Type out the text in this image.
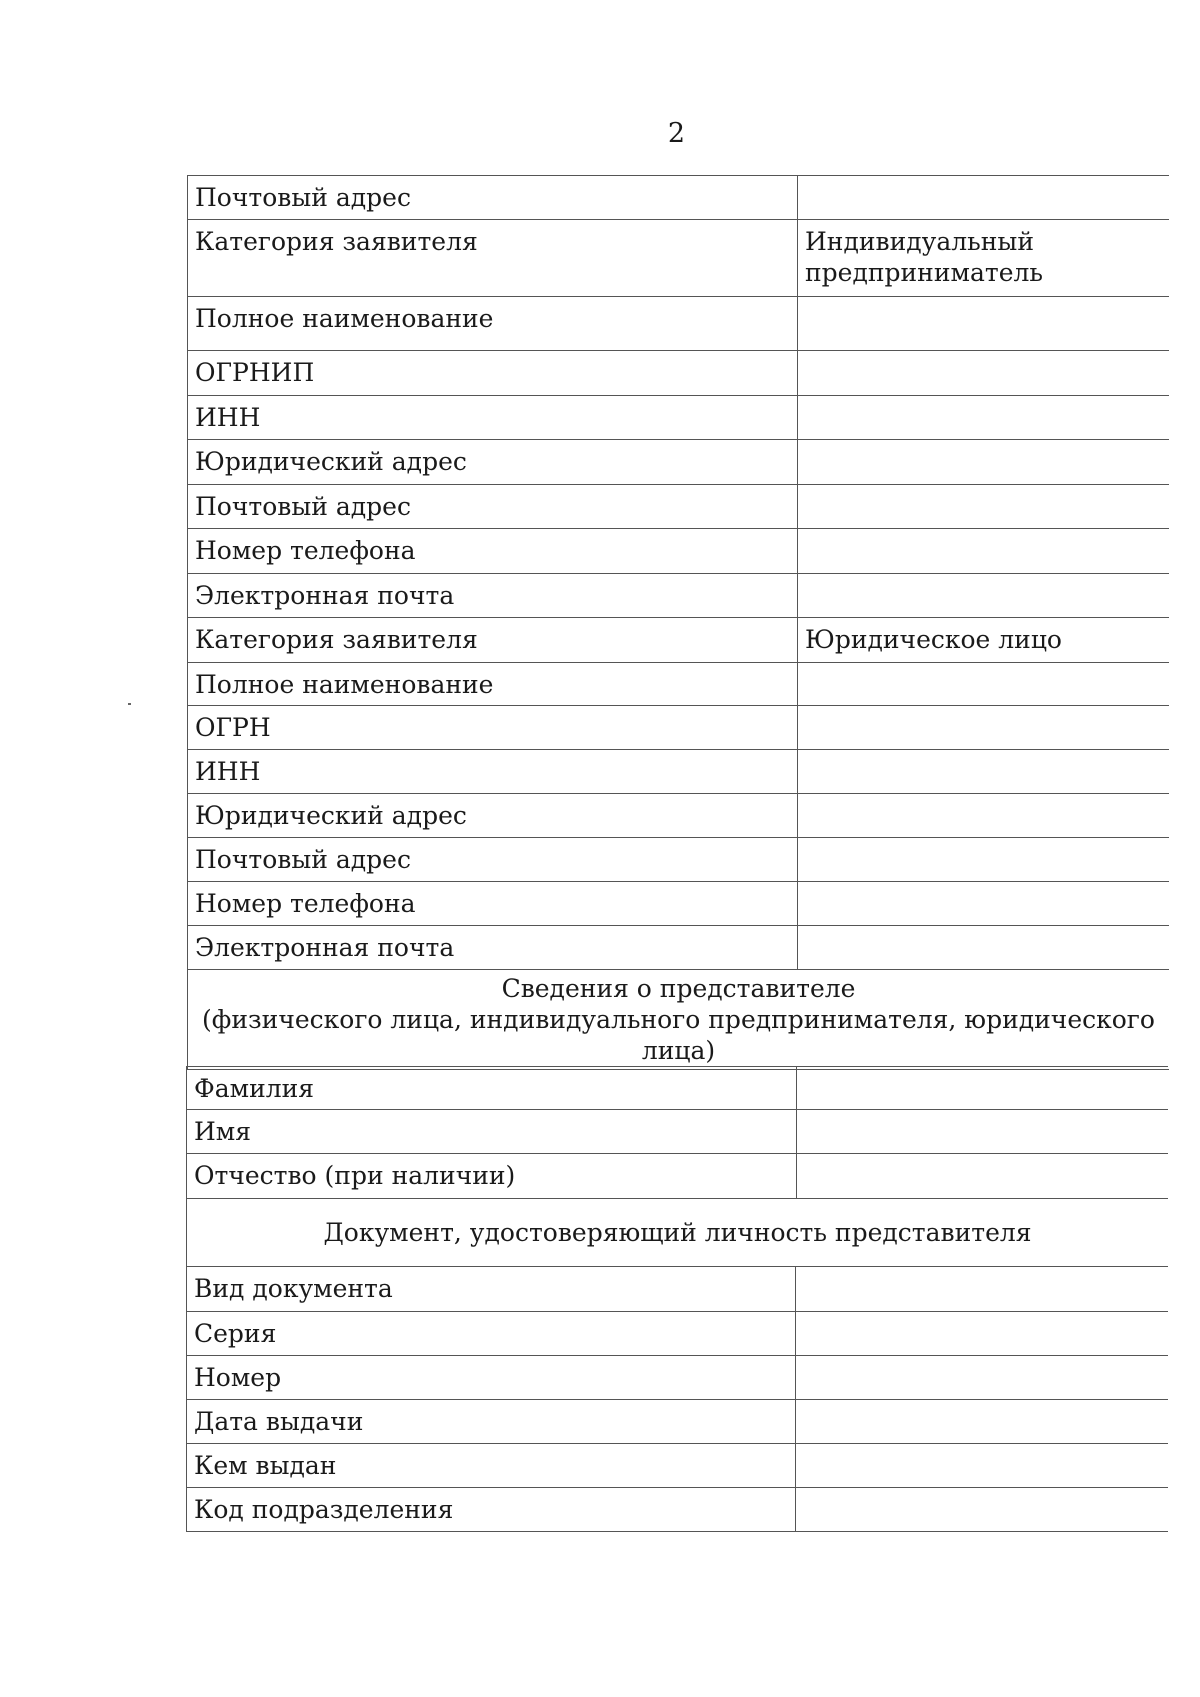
2
Почтовый адрес	
Категория заявителя	Индивидуальный предприниматель
Полное наименование	
ОГРНИП	
ИНН	
Юридический адрес	
Почтовый адрес	
Номер телефона	
Электронная почта	
Категория заявителя	Юридическое лицо
Полное наименование	
ОГРН	
ИНН	
Юридический адрес	
Почтовый адрес	
Номер телефона	
Электронная почта	

Сведения о представителе
(физического лица, индивидуального предпринимателя, юридического лица)	
Фамилия	
Имя	
Отчество (при наличии)	
Документ, удостоверяющий личность представителя	
Вид документа	
Серия	
Номер	
Дата выдачи	
Кем выдан	
Код подразделения	
